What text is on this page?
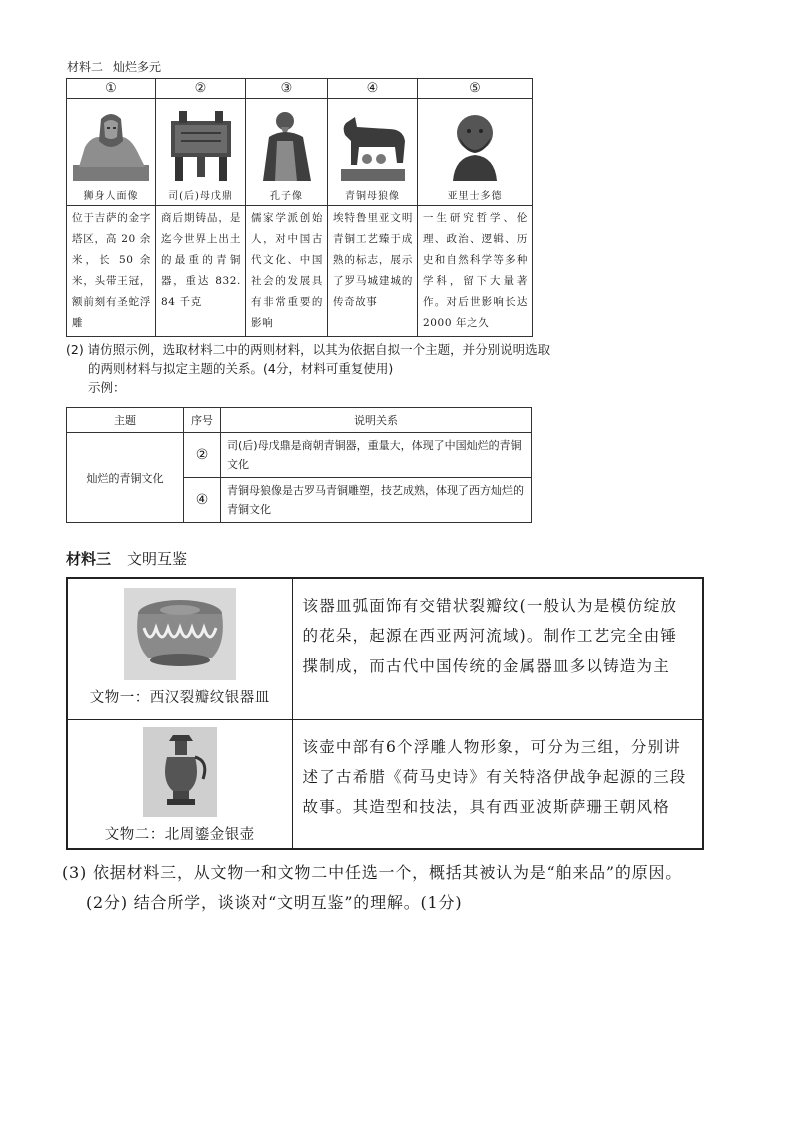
材料二 灿烂多元
①	②	③	④	⑤

狮身人面像	司(后)母戊鼎	孔子像	青铜母狼像	亚里士多德

位于吉萨的金字塔区，高 20 余米，长 50 余米，头带王冠，额前刻有圣蛇浮雕	商后期铸品，是迄今世界上出土的最重的青铜器，重达 832. 84 千克	儒家学派创始人，对中国古代文化、中国社会的发展具有非常重要的影响	埃特鲁里亚文明青铜工艺臻于成熟的标志，展示了罗马城建城的传奇故事	一生研究哲学、伦理、政治、逻辑、历史和自然科学等多种学科，留下大量著作。对后世影响长达 2000 年之久
(2) 请仿照示例，选取材料二中的两则材料，以其为依据自拟一个主题，并分别说明选取
的两则材料与拟定主题的关系。(4分，材料可重复使用)
示例：
主题	序号	说明关系
灿烂的青铜文化	②	司(后)母戊鼎是商朝青铜器，重量大，体现了中国灿烂的青铜文化
	④	青铜母狼像是古罗马青铜雕塑，技艺成熟，体现了西方灿烂的青铜文化
材料三 文明互鉴
文物一：西汉裂瓣纹银器皿	该器皿弧面饰有交错状裂瓣纹(一般认为是模仿绽放的花朵，起源在西亚两河流域)。制作工艺完全由锤揲制成，而古代中国传统的金属器皿多以铸造为主

文物二：北周鎏金银壶	该壶中部有6个浮雕人物形象，可分为三组，分别讲述了古希腊《荷马史诗》有关特洛伊战争起源的三段故事。其造型和技法，具有西亚波斯萨珊王朝风格
(3) 依据材料三，从文物一和文物二中任选一个，概括其被认为是“舶来品”的原因。
(2分) 结合所学，谈谈对“文明互鉴”的理解。(1分)
